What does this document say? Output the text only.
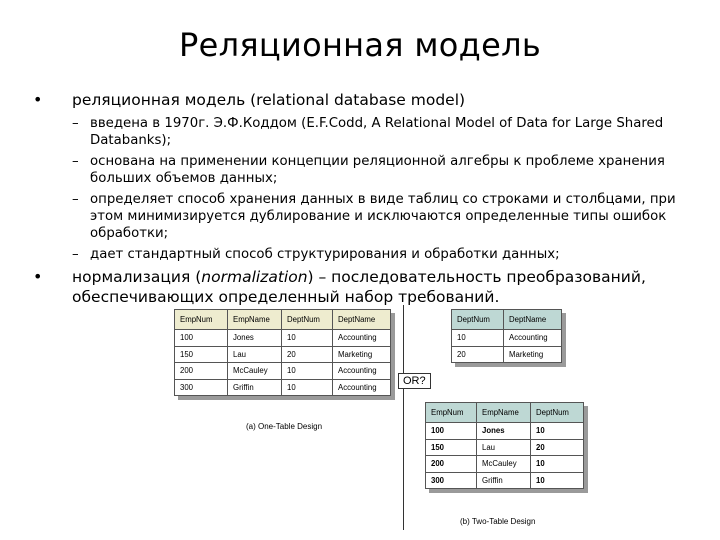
Реляционная модель
• реляционная модель (relational database model)
– введена в 1970г. Э.Ф.Коддом (E.F.Codd, A Relational Model of Data for Large Shared Databanks);
– основана на применении концепции реляционной алгебры к проблеме хранения больших объемов данных;
– определяет способ хранения данных в виде таблиц со строками и столбцами, при этом минимизируется дублирование и исключаются определенные типы ошибок обработки;
– дает стандартный способ структурирования и обработки данных;
• нормализация (normalization) – последовательность преобразований, обеспечивающих определенный набор требований.
EmpNum	EmpName	DeptNum	DeptName
100	Jones	10	Accounting
150	Lau	20	Marketing
200	McCauley	10	Accounting
300	Griffin	10	Accounting
(a) One-Table Design
OR?
DeptNum	DeptName
10	Accounting
20	Marketing
EmpNum	EmpName	DeptNum
100	Jones	10
150	Lau	20
200	McCauley	10
300	Griffin	10
(b) Two-Table Design
